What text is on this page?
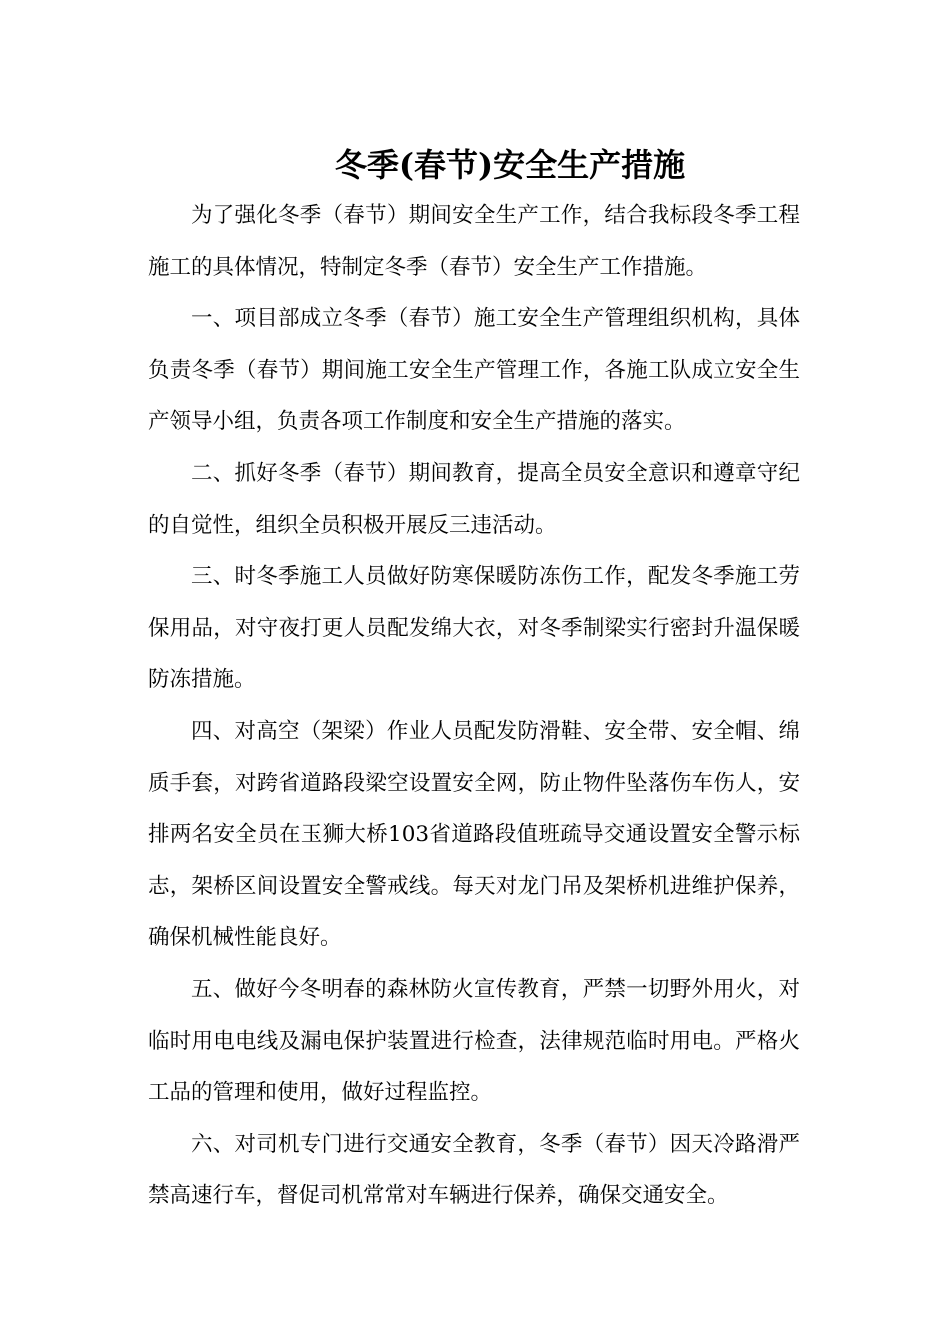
冬季(春节)安全生产措施

为了强化冬季（春节）期间安全生产工作，结合我标段冬季工程施工的具体情况，特制定冬季（春节）安全生产工作措施。

一、项目部成立冬季（春节）施工安全生产管理组织机构，具体负责冬季（春节）期间施工安全生产管理工作，各施工队成立安全生产领导小组，负责各项工作制度和安全生产措施的落实。

二、抓好冬季（春节）期间教育，提高全员安全意识和遵章守纪的自觉性，组织全员积极开展反三违活动。

三、时冬季施工人员做好防寒保暖防冻伤工作，配发冬季施工劳保用品，对守夜打更人员配发绵大衣，对冬季制梁实行密封升温保暖防冻措施。

四、对高空（架梁）作业人员配发防滑鞋、安全带、安全帽、绵质手套，对跨省道路段梁空设置安全网，防止物件坠落伤车伤人，安排两名安全员在玉狮大桥103省道路段值班疏导交通设置安全警示标志，架桥区间设置安全警戒线。每天对龙门吊及架桥机进维护保养，确保机械性能良好。

五、做好今冬明春的森林防火宣传教育，严禁一切野外用火，对临时用电电线及漏电保护装置进行检查，法律规范临时用电。严格火工品的管理和使用，做好过程监控。

六、对司机专门进行交通安全教育，冬季（春节）因天冷路滑严禁高速行车，督促司机常常对车辆进行保养，确保交通安全。
